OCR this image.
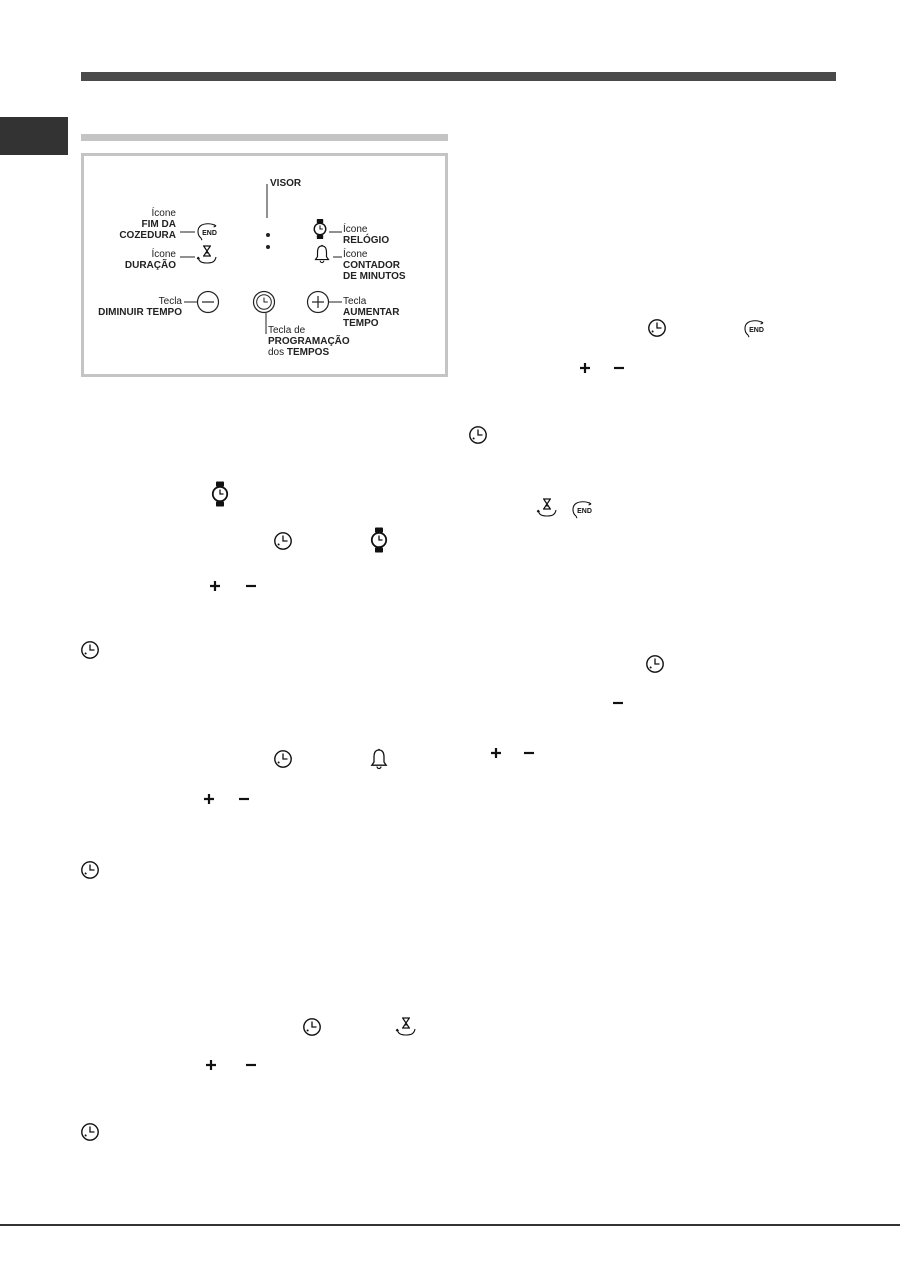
VISOR
Ícone
FIM DA
COZEDURA
Ícone
DURAÇÃO
Ícone
RELÓGIO
Ícone
CONTADOR
DE MINUTOS
Tecla
DIMINUIR TEMPO
Tecla
AUMENTAR
TEMPO
Tecla de
PROGRAMAÇÃO
dos TEMPOS
